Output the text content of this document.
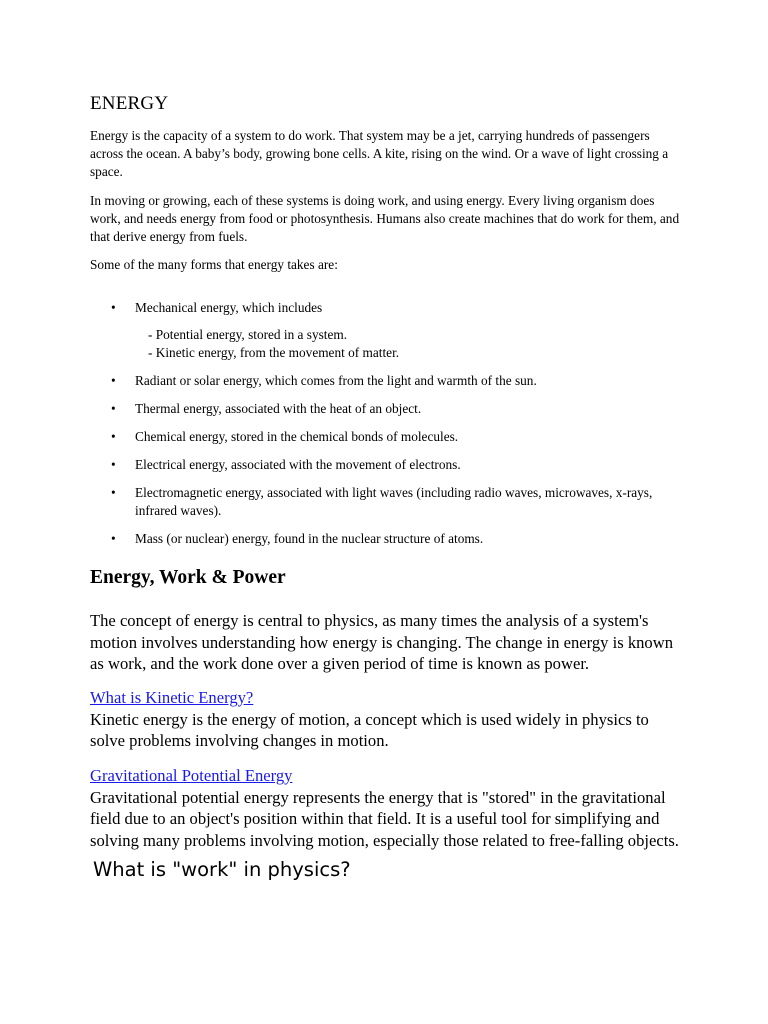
ENERGY

Energy is the capacity of a system to do work. That system may be a jet, carrying hundreds of passengers across the ocean. A baby’s body, growing bone cells. A kite, rising on the wind. Or a wave of light crossing a space.

In moving or growing, each of these systems is doing work, and using energy. Every living organism does work, and needs energy from food or photosynthesis. Humans also create machines that do work for them, and that derive energy from fuels.

Some of the many forms that energy takes are:

• Mechanical energy, which includes
- Potential energy, stored in a system.
- Kinetic energy, from the movement of matter.
• Radiant or solar energy, which comes from the light and warmth of the sun.
• Thermal energy, associated with the heat of an object.
• Chemical energy, stored in the chemical bonds of molecules.
• Electrical energy, associated with the movement of electrons.
• Electromagnetic energy, associated with light waves (including radio waves, microwaves, x-rays, infrared waves).
• Mass (or nuclear) energy, found in the nuclear structure of atoms.
Energy, Work & Power

The concept of energy is central to physics, as many times the analysis of a system's motion involves understanding how energy is changing. The change in energy is known as work, and the work done over a given period of time is known as power.

What is Kinetic Energy?
Kinetic energy is the energy of motion, a concept which is used widely in physics to solve problems involving changes in motion.
Gravitational Potential Energy
Gravitational potential energy represents the energy that is "stored" in the gravitational field due to an object's position within that field. It is a useful tool for simplifying and solving many problems involving motion, especially those related to free-falling objects.
What is "work" in physics?
